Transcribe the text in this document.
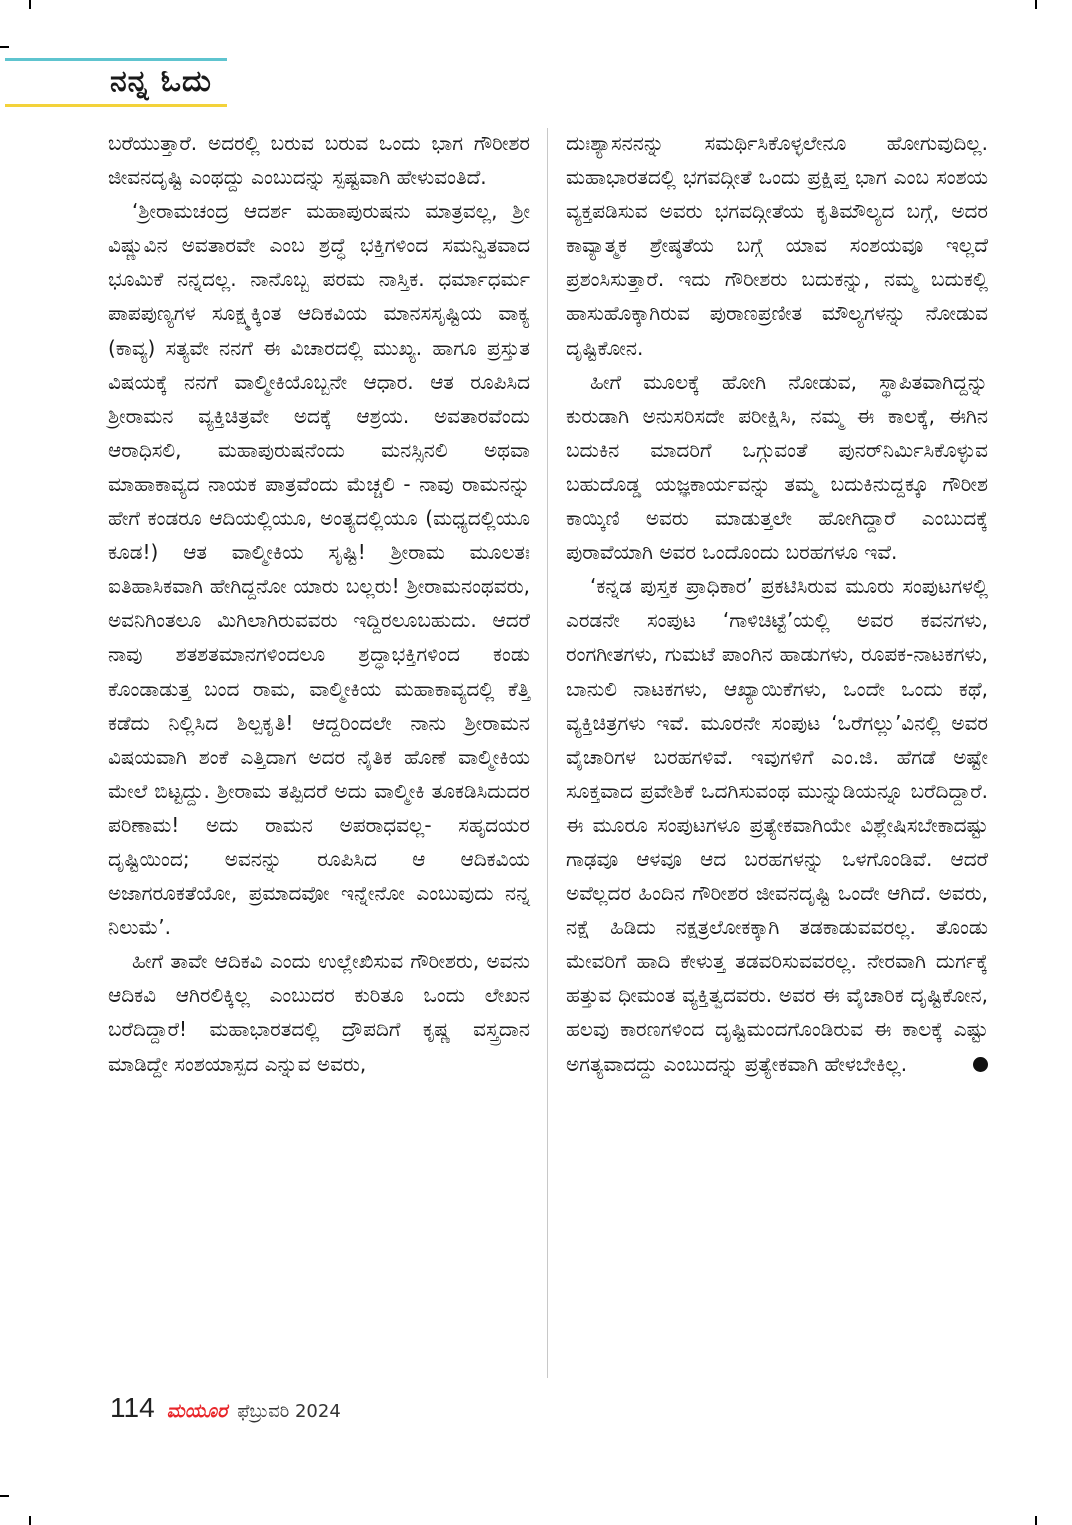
ನನ್ನ ಓದು

ಬರೆಯುತ್ತಾರೆ. ಅದರಲ್ಲಿ ಬರುವ ಬರುವ ಒಂದು ಭಾಗ ಗೌರೀಶರ ಜೀವನದೃಷ್ಟಿ ಎಂಥದ್ದು ಎಂಬುದನ್ನು ಸ್ಪಷ್ಟವಾಗಿ ಹೇಳುವಂತಿದೆ.

‘ಶ್ರೀರಾಮಚಂದ್ರ ಆದರ್ಶ ಮಹಾಪುರುಷನು ಮಾತ್ರವಲ್ಲ, ಶ್ರೀ ವಿಷ್ಣುವಿನ ಅವತಾರವೇ ಎಂಬ ಶ್ರದ್ಧೆ ಭಕ್ತಿಗಳಿಂದ ಸಮನ್ವಿತವಾದ ಭೂಮಿಕೆ ನನ್ನದಲ್ಲ. ನಾನೊಬ್ಬ ಪರಮ ನಾಸ್ತಿಕ. ಧರ್ಮಾಧರ್ಮ ಪಾಪಪುಣ್ಯಗಳ ಸೂಕ್ಷ್ಮಕ್ಕಿಂತ ಆದಿಕವಿಯ ಮಾನಸಸೃಷ್ಟಿಯ ವಾಕ್ಯ (ಕಾವ್ಯ) ಸತ್ಯವೇ ನನಗೆ ಈ ವಿಚಾರದಲ್ಲಿ ಮುಖ್ಯ. ಹಾಗೂ ಪ್ರಸ್ತುತ ವಿಷಯಕ್ಕೆ ನನಗೆ ವಾಲ್ಮೀಕಿಯೊಬ್ಬನೇ ಆಧಾರ. ಆತ ರೂಪಿಸಿದ ಶ್ರೀರಾಮನ ವ್ಯಕ್ತಿಚಿತ್ರವೇ ಅದಕ್ಕೆ ಆಶ್ರಯ. ಅವತಾರವೆಂದು ಆರಾಧಿಸಲಿ, ಮಹಾಪುರುಷನೆಂದು ಮನಸ್ಸಿನಲಿ ಅಥವಾ ಮಾಹಾಕಾವ್ಯದ ನಾಯಕ ಪಾತ್ರವೆಂದು ಮೆಚ್ಚಲಿ - ನಾವು ರಾಮನನ್ನು ಹೇಗೆ ಕಂಡರೂ ಆದಿಯಲ್ಲಿಯೂ, ಅಂತ್ಯದಲ್ಲಿಯೂ (ಮಧ್ಯದಲ್ಲಿಯೂ ಕೂಡ!) ಆತ ವಾಲ್ಮೀಕಿಯ ಸೃಷ್ಟಿ! ಶ್ರೀರಾಮ ಮೂಲತಃ ಐತಿಹಾಸಿಕವಾಗಿ ಹೇಗಿದ್ದನೋ ಯಾರು ಬಲ್ಲರು! ಶ್ರೀರಾಮನಂಥವರು, ಅವನಿಗಿಂತಲೂ ಮಿಗಿಲಾಗಿರುವವರು ಇದ್ದಿರಲೂಬಹುದು. ಆದರೆ ನಾವು ಶತಶತಮಾನಗಳಿಂದಲೂ ಶ್ರದ್ಧಾಭಕ್ತಿಗಳಿಂದ ಕಂಡು ಕೊಂಡಾಡುತ್ತ ಬಂದ ರಾಮ, ವಾಲ್ಮೀಕಿಯ ಮಹಾಕಾವ್ಯದಲ್ಲಿ ಕೆತ್ತಿ ಕಡೆದು ನಿಲ್ಲಿಸಿದ ಶಿಲ್ಪಕೃತಿ! ಆದ್ದರಿಂದಲೇ ನಾನು ಶ್ರೀರಾಮನ ವಿಷಯವಾಗಿ ಶಂಕೆ ಎತ್ತಿದಾಗ ಅದರ ನೈತಿಕ ಹೊಣೆ ವಾಲ್ಮೀಕಿಯ ಮೇಲೆ ಬಿಟ್ಟದ್ದು. ಶ್ರೀರಾಮ ತಪ್ಪಿದರೆ ಅದು ವಾಲ್ಮೀಕಿ ತೂಕಡಿಸಿದುದರ ಪರಿಣಾಮ! ಅದು ರಾಮನ ಅಪರಾಧವಲ್ಲ- ಸಹೃದಯರ ದೃಷ್ಟಿಯಿಂದ; ಅವನನ್ನು ರೂಪಿಸಿದ ಆ ಆದಿಕವಿಯ ಅಜಾಗರೂಕತೆಯೋ, ಪ್ರಮಾದವೋ ಇನ್ನೇನೋ ಎಂಬುವುದು ನನ್ನ ನಿಲುಮೆ’.

ಹೀಗೆ ತಾವೇ ಆದಿಕವಿ ಎಂದು ಉಲ್ಲೇಖಿಸುವ ಗೌರೀಶರು, ಅವನು ಆದಿಕವಿ ಆಗಿರಲಿಕ್ಕಿಲ್ಲ ಎಂಬುದರ ಕುರಿತೂ ಒಂದು ಲೇಖನ ಬರೆದಿದ್ದಾರೆ! ಮಹಾಭಾರತದಲ್ಲಿ ದ್ರೌಪದಿಗೆ ಕೃಷ್ಣ ವಸ್ತ್ರದಾನ ಮಾಡಿದ್ದೇ ಸಂಶಯಾಸ್ಪದ ಎನ್ನುವ ಅವರು,

ದುಃಶ್ಯಾಸನನನ್ನು ಸಮರ್ಥಿಸಿಕೊಳ್ಳಲೇನೂ ಹೋಗುವುದಿಲ್ಲ. ಮಹಾಭಾರತದಲ್ಲಿ ಭಗವದ್ಗೀತೆ ಒಂದು ಪ್ರಕ್ಷಿಪ್ತ ಭಾಗ ಎಂಬ ಸಂಶಯ ವ್ಯಕ್ತಪಡಿಸುವ ಅವರು ಭಗವದ್ಗೀತೆಯ ಕೃತಿಮೌಲ್ಯದ ಬಗ್ಗೆ, ಅದರ ಕಾವ್ಯಾತ್ಮಕ ಶ್ರೇಷ್ಠತೆಯ ಬಗ್ಗೆ ಯಾವ ಸಂಶಯವೂ ಇಲ್ಲದೆ ಪ್ರಶಂಸಿಸುತ್ತಾರೆ. ಇದು ಗೌರೀಶರು ಬದುಕನ್ನು, ನಮ್ಮ ಬದುಕಲ್ಲಿ ಹಾಸುಹೊಕ್ಕಾಗಿರುವ ಪುರಾಣಪ್ರಣೀತ ಮೌಲ್ಯಗಳನ್ನು ನೋಡುವ ದೃಷ್ಟಿಕೋನ.

ಹೀಗೆ ಮೂಲಕ್ಕೆ ಹೋಗಿ ನೋಡುವ, ಸ್ಥಾಪಿತವಾಗಿದ್ದನ್ನು ಕುರುಡಾಗಿ ಅನುಸರಿಸದೇ ಪರೀಕ್ಷಿಸಿ, ನಮ್ಮ ಈ ಕಾಲಕ್ಕೆ, ಈಗಿನ ಬದುಕಿನ ಮಾದರಿಗೆ ಒಗ್ಗುವಂತೆ ಪುನರ್‌ನಿರ್ಮಿಸಿಕೊಳ್ಳುವ ಬಹುದೊಡ್ಡ ಯಜ್ಞಕಾರ್ಯವನ್ನು ತಮ್ಮ ಬದುಕಿನುದ್ದಕ್ಕೂ ಗೌರೀಶ ಕಾಯ್ಕಿಣಿ ಅವರು ಮಾಡುತ್ತಲೇ ಹೋಗಿದ್ದಾರೆ ಎಂಬುದಕ್ಕೆ ಪುರಾವೆಯಾಗಿ ಅವರ ಒಂದೊಂದು ಬರಹಗಳೂ ಇವೆ.

‘ಕನ್ನಡ ಪುಸ್ತಕ ಪ್ರಾಧಿಕಾರ’ ಪ್ರಕಟಿಸಿರುವ ಮೂರು ಸಂಪುಟಗಳಲ್ಲಿ ಎರಡನೇ ಸಂಪುಟ ‘ಗಾಳಿಚಿಟ್ಟೆ’ಯಲ್ಲಿ ಅವರ ಕವನಗಳು, ರಂಗಗೀತಗಳು, ಗುಮಟೆ ಪಾಂಗಿನ ಹಾಡುಗಳು, ರೂಪಕ-ನಾಟಕಗಳು, ಬಾನುಲಿ ನಾಟಕಗಳು, ಆಖ್ಯಾಯಿಕೆಗಳು, ಒಂದೇ ಒಂದು ಕಥೆ, ವ್ಯಕ್ತಿಚಿತ್ರಗಳು ಇವೆ. ಮೂರನೇ ಸಂಪುಟ ‘ಒರೆಗಲ್ಲು’ವಿನಲ್ಲಿ ಅವರ ವೈಚಾರಿಗಳ ಬರಹಗಳಿವೆ. ಇವುಗಳಿಗೆ ಎಂ.ಜಿ. ಹೆಗಡೆ ಅಷ್ಟೇ ಸೂಕ್ತವಾದ ಪ್ರವೇಶಿಕೆ ಒದಗಿಸುವಂಥ ಮುನ್ನುಡಿಯನ್ನೂ ಬರೆದಿದ್ದಾರೆ. ಈ ಮೂರೂ ಸಂಪುಟಗಳೂ ಪ್ರತ್ಯೇಕವಾಗಿಯೇ ವಿಶ್ಲೇಷಿಸಬೇಕಾದಷ್ಟು ಗಾಢವೂ ಆಳವೂ ಆದ ಬರಹಗಳನ್ನು ಒಳಗೊಂಡಿವೆ. ಆದರೆ ಅವೆಲ್ಲದರ ಹಿಂದಿನ ಗೌರೀಶರ ಜೀವನದೃಷ್ಟಿ ಒಂದೇ ಆಗಿದೆ. ಅವರು, ನಕ್ಷೆ ಹಿಡಿದು ನಕ್ಷತ್ರಲೋಕಕ್ಕಾಗಿ ತಡಕಾಡುವವರಲ್ಲ. ತೊಂಡು ಮೇವರಿಗೆ ಹಾದಿ ಕೇಳುತ್ತ ತಡವರಿಸುವವರಲ್ಲ. ನೇರವಾಗಿ ದುರ್ಗಕ್ಕೆ ಹತ್ತುವ ಧೀಮಂತ ವ್ಯಕ್ತಿತ್ವದವರು. ಅವರ ಈ ವೈಚಾರಿಕ ದೃಷ್ಟಿಕೋನ, ಹಲವು ಕಾರಣಗಳಿಂದ ದೃಷ್ಟಿಮಂದಗೊಂಡಿರುವ ಈ ಕಾಲಕ್ಕೆ ಎಷ್ಟು ಅಗತ್ಯವಾದದ್ದು ಎಂಬುದನ್ನು ಪ್ರತ್ಯೇಕವಾಗಿ ಹೇಳಬೇಕಿಲ್ಲ.

114 ಮಯೂರ ಫೆಬ್ರುವರಿ 2024
